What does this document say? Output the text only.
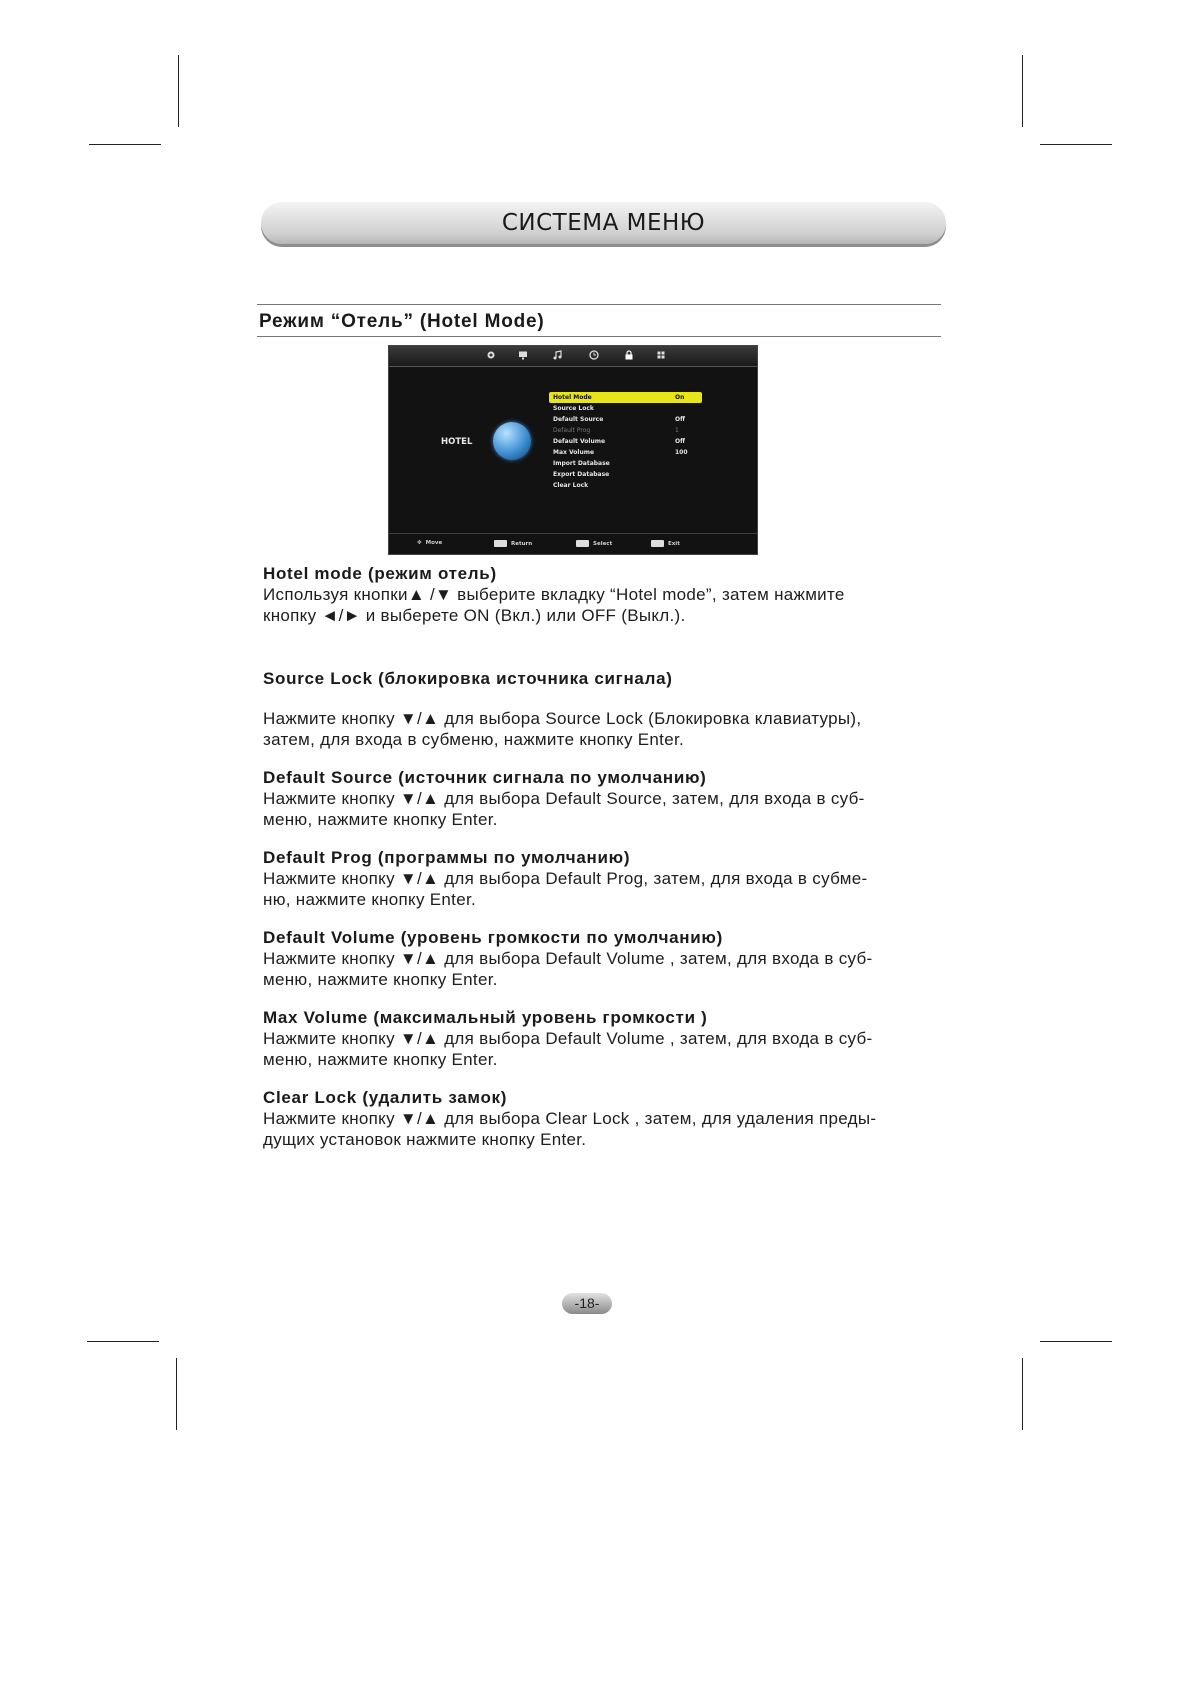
СИСТЕМА МЕНЮ
Режим “Отель” (Hotel Mode)
HOTEL
Hotel Mode	On
Source Lock
Default Source	Off
Default Prog	1
Default Volume	Off
Max Volume	100
Import Database
Export Database
Clear Lock
✥ Move	Return	Select	Exit
Hotel mode (режим отель)

Используя кнопки▲ /▼ выберите вкладку “Hotel mode”, затем нажмите

кнопку ◄/► и выберете ON (Вкл.) или OFF (Выкл.).

Source Lock (блокировка источника сигнала)

Нажмите кнопку ▼/▲ для выбора Source Lock (Блокировка клавиатуры),

затем, для входа в субменю, нажмите кнопку Enter.

Default Source (источник сигнала по умолчанию)

Нажмите кнопку ▼/▲ для выбора Default Source, затем, для входа в суб-

меню, нажмите кнопку Enter.

Default Prog (программы по умолчанию)

Нажмите кнопку ▼/▲ для выбора Default Prog, затем, для входа в субме-

ню, нажмите кнопку Enter.

Default Volume (уровень громкости по умолчанию)

Нажмите кнопку ▼/▲ для выбора Default Volume , затем, для входа в суб-

меню, нажмите кнопку Enter.

Max Volume (максимальный уровень громкости )

Нажмите кнопку ▼/▲ для выбора Default Volume , затем, для входа в суб-

меню, нажмите кнопку Enter.

Clear Lock (удалить замок)

Нажмите кнопку ▼/▲ для выбора Clear Lock , затем, для удаления преды-

дущих установок нажмите кнопку Enter.

-18-
